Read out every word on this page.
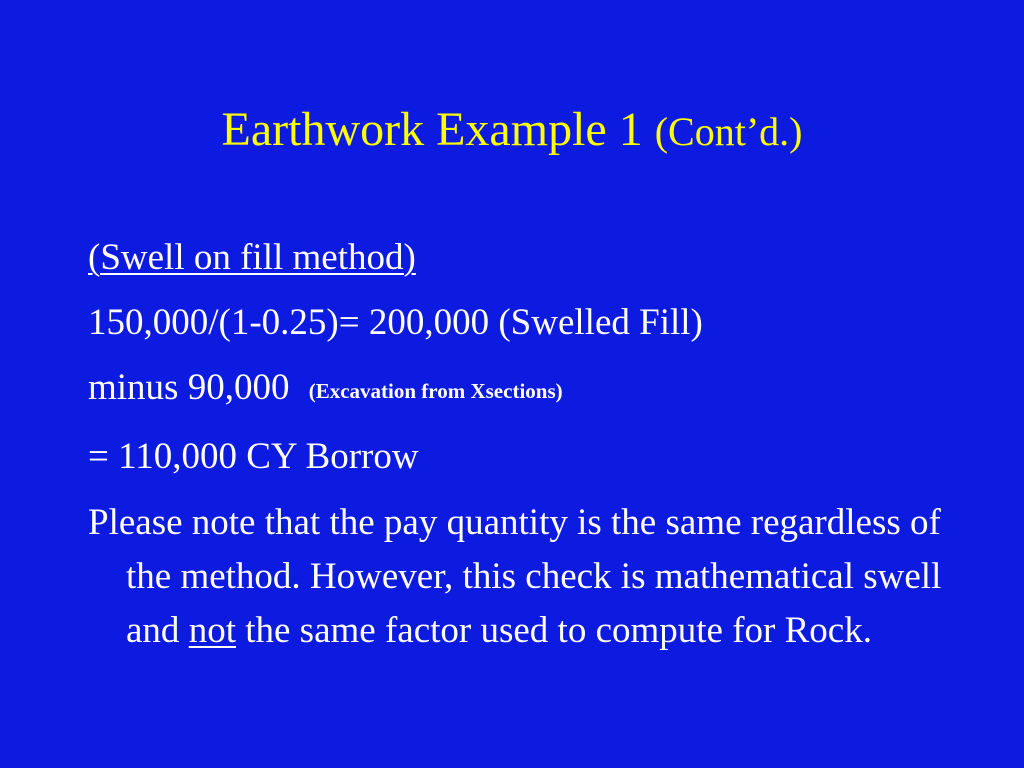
Earthwork Example 1 (Cont’d.)
(Swell on fill method)
150,000/(1-0.25)= 200,000 (Swelled Fill)
minus 90,000 (Excavation from Xsections)
= 110,000 CY Borrow

Please note that the pay quantity is the same regardless of the method. However, this check is mathematical swell and not the same factor used to compute for Rock.
